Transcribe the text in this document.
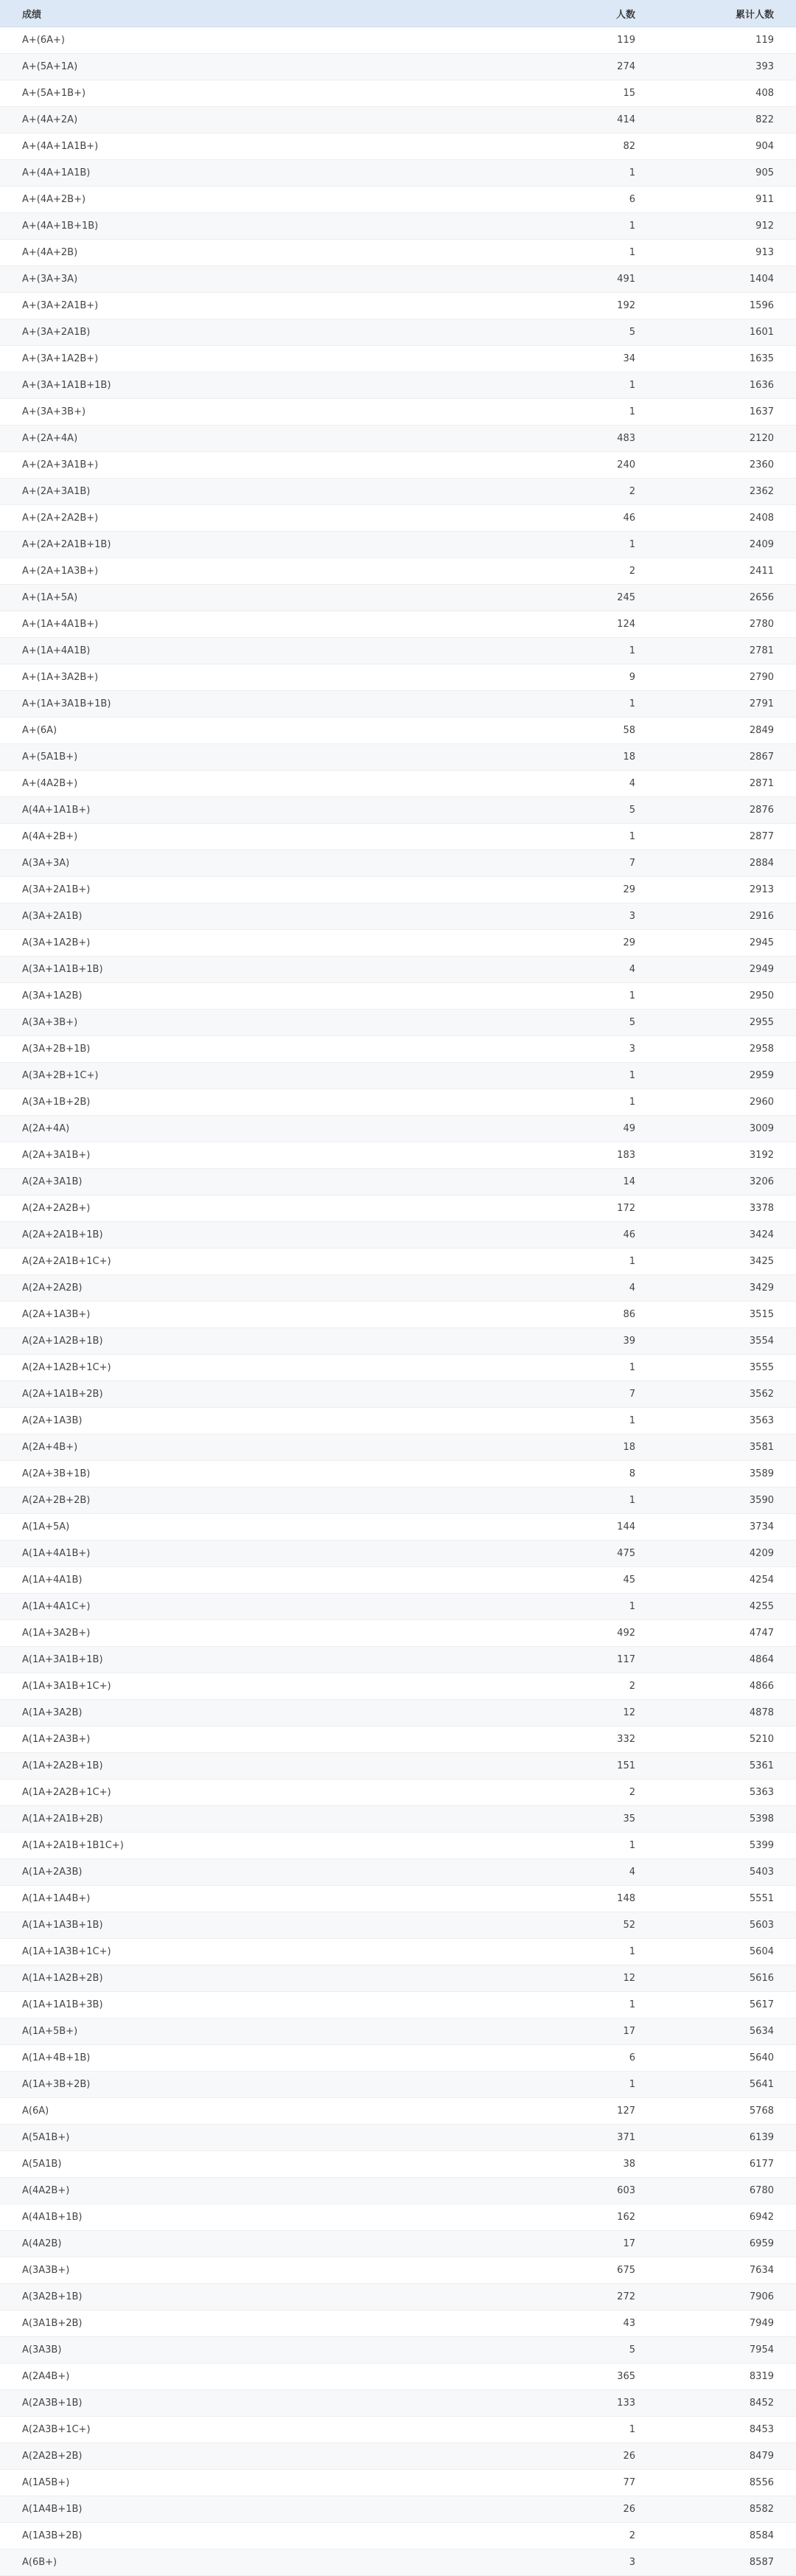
成绩	人数	累计人数
A+(6A+)	119	119
A+(5A+1A)	274	393
A+(5A+1B+)	15	408
A+(4A+2A)	414	822
A+(4A+1A1B+)	82	904
A+(4A+1A1B)	1	905
A+(4A+2B+)	6	911
A+(4A+1B+1B)	1	912
A+(4A+2B)	1	913
A+(3A+3A)	491	1404
A+(3A+2A1B+)	192	1596
A+(3A+2A1B)	5	1601
A+(3A+1A2B+)	34	1635
A+(3A+1A1B+1B)	1	1636
A+(3A+3B+)	1	1637
A+(2A+4A)	483	2120
A+(2A+3A1B+)	240	2360
A+(2A+3A1B)	2	2362
A+(2A+2A2B+)	46	2408
A+(2A+2A1B+1B)	1	2409
A+(2A+1A3B+)	2	2411
A+(1A+5A)	245	2656
A+(1A+4A1B+)	124	2780
A+(1A+4A1B)	1	2781
A+(1A+3A2B+)	9	2790
A+(1A+3A1B+1B)	1	2791
A+(6A)	58	2849
A+(5A1B+)	18	2867
A+(4A2B+)	4	2871
A(4A+1A1B+)	5	2876
A(4A+2B+)	1	2877
A(3A+3A)	7	2884
A(3A+2A1B+)	29	2913
A(3A+2A1B)	3	2916
A(3A+1A2B+)	29	2945
A(3A+1A1B+1B)	4	2949
A(3A+1A2B)	1	2950
A(3A+3B+)	5	2955
A(3A+2B+1B)	3	2958
A(3A+2B+1C+)	1	2959
A(3A+1B+2B)	1	2960
A(2A+4A)	49	3009
A(2A+3A1B+)	183	3192
A(2A+3A1B)	14	3206
A(2A+2A2B+)	172	3378
A(2A+2A1B+1B)	46	3424
A(2A+2A1B+1C+)	1	3425
A(2A+2A2B)	4	3429
A(2A+1A3B+)	86	3515
A(2A+1A2B+1B)	39	3554
A(2A+1A2B+1C+)	1	3555
A(2A+1A1B+2B)	7	3562
A(2A+1A3B)	1	3563
A(2A+4B+)	18	3581
A(2A+3B+1B)	8	3589
A(2A+2B+2B)	1	3590
A(1A+5A)	144	3734
A(1A+4A1B+)	475	4209
A(1A+4A1B)	45	4254
A(1A+4A1C+)	1	4255
A(1A+3A2B+)	492	4747
A(1A+3A1B+1B)	117	4864
A(1A+3A1B+1C+)	2	4866
A(1A+3A2B)	12	4878
A(1A+2A3B+)	332	5210
A(1A+2A2B+1B)	151	5361
A(1A+2A2B+1C+)	2	5363
A(1A+2A1B+2B)	35	5398
A(1A+2A1B+1B1C+)	1	5399
A(1A+2A3B)	4	5403
A(1A+1A4B+)	148	5551
A(1A+1A3B+1B)	52	5603
A(1A+1A3B+1C+)	1	5604
A(1A+1A2B+2B)	12	5616
A(1A+1A1B+3B)	1	5617
A(1A+5B+)	17	5634
A(1A+4B+1B)	6	5640
A(1A+3B+2B)	1	5641
A(6A)	127	5768
A(5A1B+)	371	6139
A(5A1B)	38	6177
A(4A2B+)	603	6780
A(4A1B+1B)	162	6942
A(4A2B)	17	6959
A(3A3B+)	675	7634
A(3A2B+1B)	272	7906
A(3A1B+2B)	43	7949
A(3A3B)	5	7954
A(2A4B+)	365	8319
A(2A3B+1B)	133	8452
A(2A3B+1C+)	1	8453
A(2A2B+2B)	26	8479
A(1A5B+)	77	8556
A(1A4B+1B)	26	8582
A(1A3B+2B)	2	8584
A(6B+)	3	8587
